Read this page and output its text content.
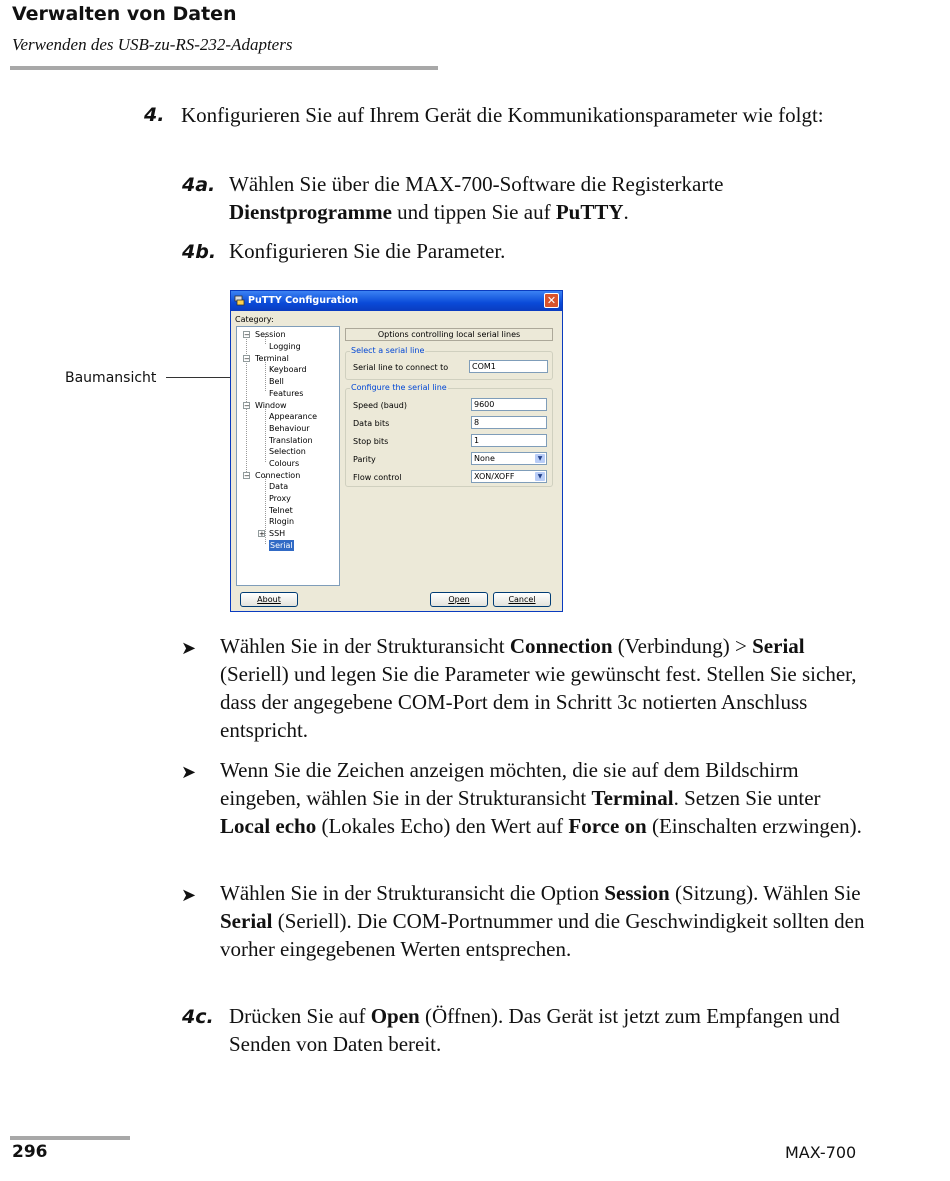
Verwalten von Daten
Verwenden des USB-zu-RS-232-Adapters
4. Konfigurieren Sie auf Ihrem Gerät die Kommunikationsparameter wie folgt:
4a. Wählen Sie über die MAX-700-Software die Registerkarte Dienstprogramme und tippen Sie auf PuTTY.
4b. Konfigurieren Sie die Parameter.
Baumansicht
PuTTY Configuration	✕
Category:
− Session
Logging
− Terminal
Keyboard
Bell
Features
− Window
Appearance
Behaviour
Translation
Selection
Colours
− Connection
Data
Proxy
Telnet
Rlogin
+ SSH
Serial
Options controlling local serial lines
Select a serial line
Serial line to connect to	COM1
Configure the serial line
Speed (baud)	9600
Data bits	8
Stop bits	1
Parity	None	▼
Flow control	XON/XOFF	▼
About	Open	Cancel
➤ Wählen Sie in der Strukturansicht Connection (Verbindung) > Serial (Seriell) und legen Sie die Parameter wie gewünscht fest. Stellen Sie sicher, dass der angegebene COM-Port dem in Schritt 3c notierten Anschluss entspricht.
➤ Wenn Sie die Zeichen anzeigen möchten, die sie auf dem Bildschirm eingeben, wählen Sie in der Strukturansicht Terminal. Setzen Sie unter Local echo (Lokales Echo) den Wert auf Force on (Einschalten erzwingen).
➤ Wählen Sie in der Strukturansicht die Option Session (Sitzung). Wählen Sie Serial (Seriell). Die COM-Portnummer und die Geschwindigkeit sollten den vorher eingegebenen Werten entsprechen.
4c. Drücken Sie auf Open (Öffnen). Das Gerät ist jetzt zum Empfangen und Senden von Daten bereit.
296	MAX-700
